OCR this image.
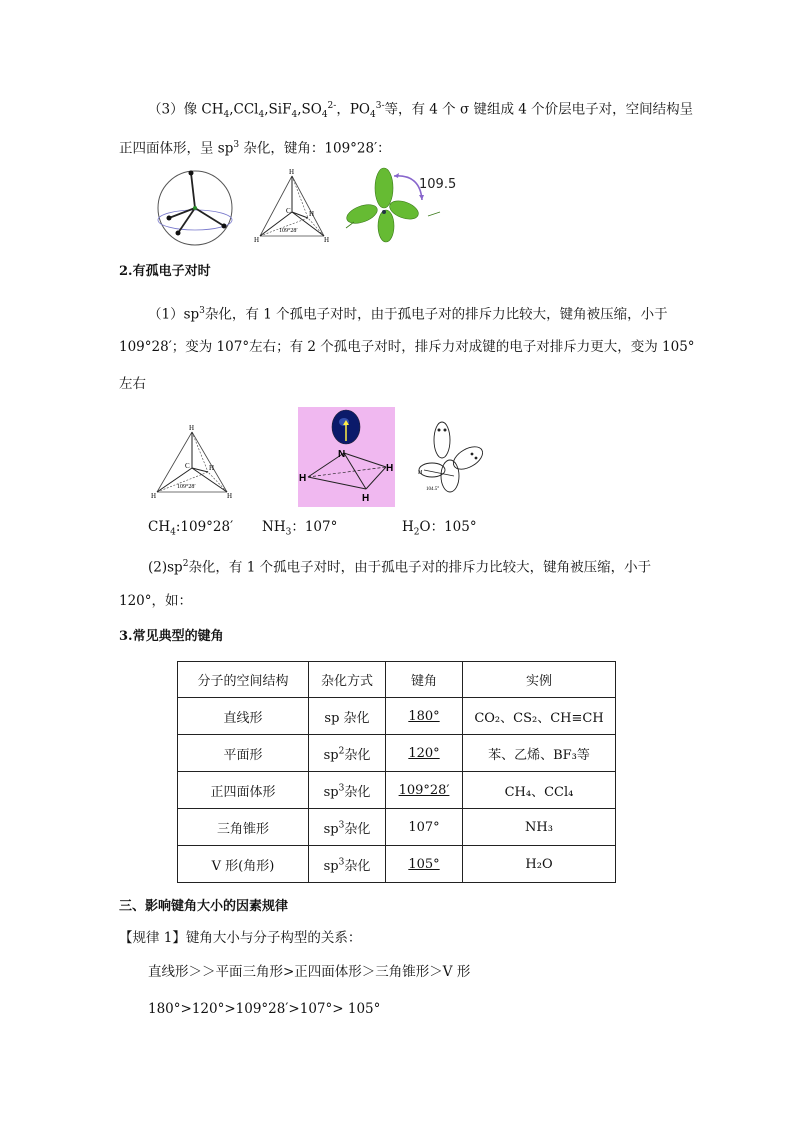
（3）像 $CH_4,CCl_4,SiF_4,SO_4^{2-}$，$PO_4^{3-}$等，有 4 个 σ 键组成 4 个价层电子对，空间结构呈
正四面体形，呈 $sp^3$ 杂化，键角：109°28′：
H
C	H
H	H
109°28′
109.5
2.有孤电子对时
$(1)sp^3$杂化，有 1 个孤电子对时，由于孤电子对的排斥力比较大，键角被压缩，小于
109°28′；变为 107°左右；有 2 个孤电子对时，排斥力对成键的电子对排斥力更大，变为 105°
左右
H
C	H
H	H
109°28′
N
H
H
H	H
104.5°
$CH_4:109^\circ 28'$ $NH_3$：107°	$H_2O$：105°
$(2)sp^2$杂化，有 1 个孤电子对时，由于孤电子对的排斥力比较大，键角被压缩，小于
120°，如：
3.常见典型的键角
分子的空间结构	杂化方式	键角	实例
直线形	sp 杂化	180°	CO₂、CS₂、CH≡CH
平面形	$sp^2$杂化	120°	苯、乙烯、BF₃等
正四面体形	$sp^3$杂化	109°28′	CH₄、CCl₄
三角锥形	$sp^3$杂化	107°	NH₃
V 形(角形)	$sp^3$杂化	105°	H₂O
三、影响键角大小的因素规律
【规律 1】键角大小与分子构型的关系：
直线形＞＞平面三角形>正四面体形＞三角锥形＞V 形
180°>120°>109°28′>107°> 105°
